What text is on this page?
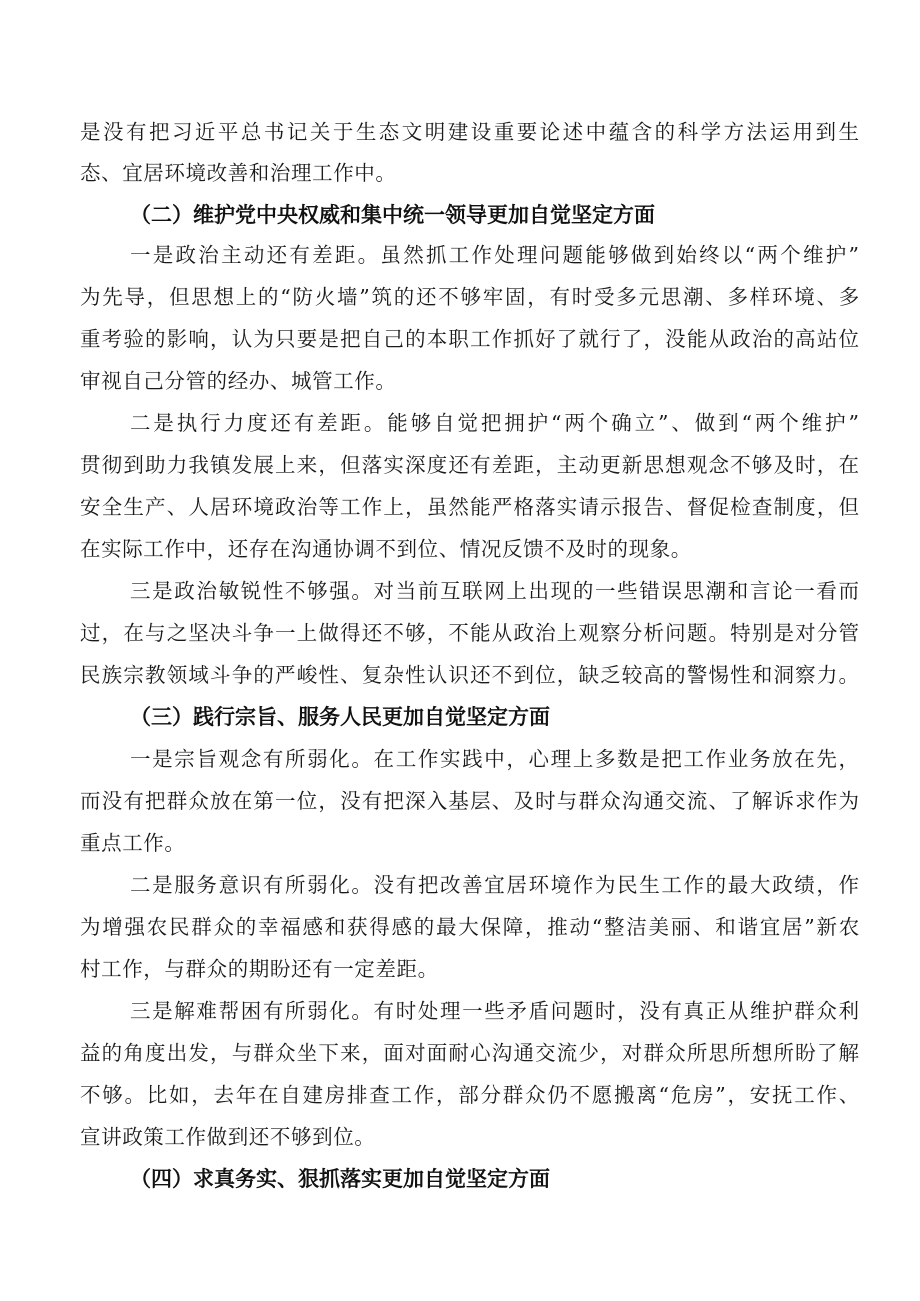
是 没 有 把 习 近 平 总 书 记 关 于 生 态 文 明 建 设 重 要 论 述 中 蕴 含 的 科 学 方 法 运 用 到 生
态、宜居环境改善和治理工作中。
（二）维护党中央权威和集中统一领导更加自觉坚定方面
一 是 政 治 主 动 还 有 差 距 。 虽 然 抓 工 作 处 理 问 题 能 够 做 到 始 终 以 “ 两 个 维 护 ”
为 先 导 ， 但 思 想 上 的 “ 防 火 墙 ” 筑 的 还 不 够 牢 固 ， 有 时 受 多 元 思 潮 、 多 样 环 境 、 多
重 考 验 的 影 响 ， 认 为 只 要 是 把 自 己 的 本 职 工 作 抓 好 了 就 行 了 ， 没 能 从 政 治 的 高 站 位
审视自己分管的经办、城管工作。
二 是 执 行 力 度 还 有 差 距 。 能 够 自 觉 把 拥 护 “ 两 个 确 立 ” 、 做 到 “ 两 个 维 护 ”
贯 彻 到 助 力 我 镇 发 展 上 来 ， 但 落 实 深 度 还 有 差 距 ， 主 动 更 新 思 想 观 念 不 够 及 时 ， 在
安 全 生 产 、 人 居 环 境 政 治 等 工 作 上 ， 虽 然 能 严 格 落 实 请 示 报 告 、 督 促 检 查 制 度 ， 但
在实际工作中，还存在沟通协调不到位、情况反馈不及时的现象。
三 是 政 治 敏 锐 性 不 够 强 。 对 当 前 互 联 网 上 出 现 的 一 些 错 误 思 潮 和 言 论 一 看 而
过 ， 在 与 之 坚 决 斗 争 一 上 做 得 还 不 够 ， 不 能 从 政 治 上 观 察 分 析 问 题 。 特 别 是 对 分 管
民 族 宗 教 领 域 斗 争 的 严 峻 性 、 复 杂 性 认 识 还 不 到 位 ， 缺 乏 较 高 的 警 惕 性 和 洞 察 力 。
（三）践行宗旨、服务人民更加自觉坚定方面
一 是 宗 旨 观 念 有 所 弱 化 。 在 工 作 实 践 中 ， 心 理 上 多 数 是 把 工 作 业 务 放 在 先 ，
而 没 有 把 群 众 放 在 第 一 位 ， 没 有 把 深 入 基 层 、 及 时 与 群 众 沟 通 交 流 、 了 解 诉 求 作 为
重点工作。
二 是 服 务 意 识 有 所 弱 化 。 没 有 把 改 善 宜 居 环 境 作 为 民 生 工 作 的 最 大 政 绩 ， 作
为 增 强 农 民 群 众 的 幸 福 感 和 获 得 感 的 最 大 保 障 ， 推 动 “ 整 洁 美 丽 、 和 谐 宜 居 ” 新 农
村工作，与群众的期盼还有一定差距。
三 是 解 难 帮 困 有 所 弱 化 。 有 时 处 理 一 些 矛 盾 问 题 时 ， 没 有 真 正 从 维 护 群 众 利
益 的 角 度 出 发 ， 与 群 众 坐 下 来 ， 面 对 面 耐 心 沟 通 交 流 少 ， 对 群 众 所 思 所 想 所 盼 了 解
不 够 。 比 如 ， 去 年 在 自 建 房 排 查 工 作 ， 部 分 群 众 仍 不 愿 搬 离 “ 危 房 ” ， 安 抚 工 作 、
宣讲政策工作做到还不够到位。
（四）求真务实、狠抓落实更加自觉坚定方面
